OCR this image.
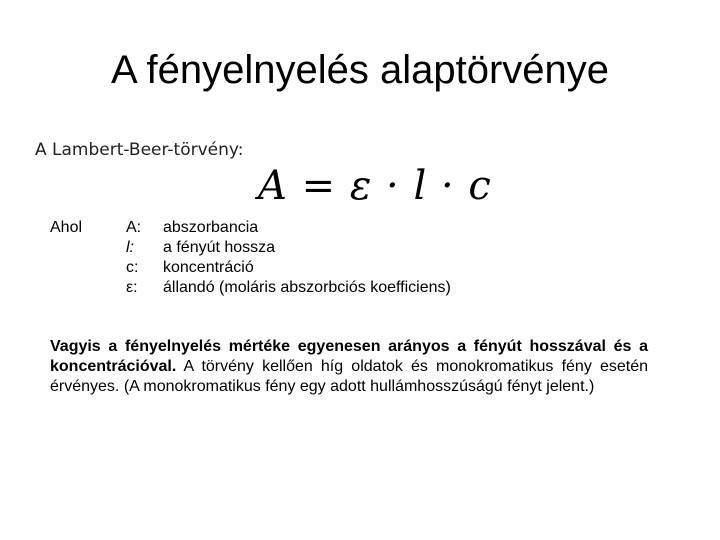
A fényelnyelés alaptörvénye
A Lambert-Beer-törvény:
A = ε · l · c
Ahol	A: abszorbancia
l: a fényút hossza
c: koncentráció
ε: állandó (moláris abszorbciós koefficiens)

Vagyis a fényelnyelés mértéke egyenesen arányos a fényút hosszával és a koncentrációval. A törvény kellően híg oldatok és monokromatikus fény esetén érvényes. (A monokromatikus fény egy adott hullámhosszúságú fényt jelent.)
